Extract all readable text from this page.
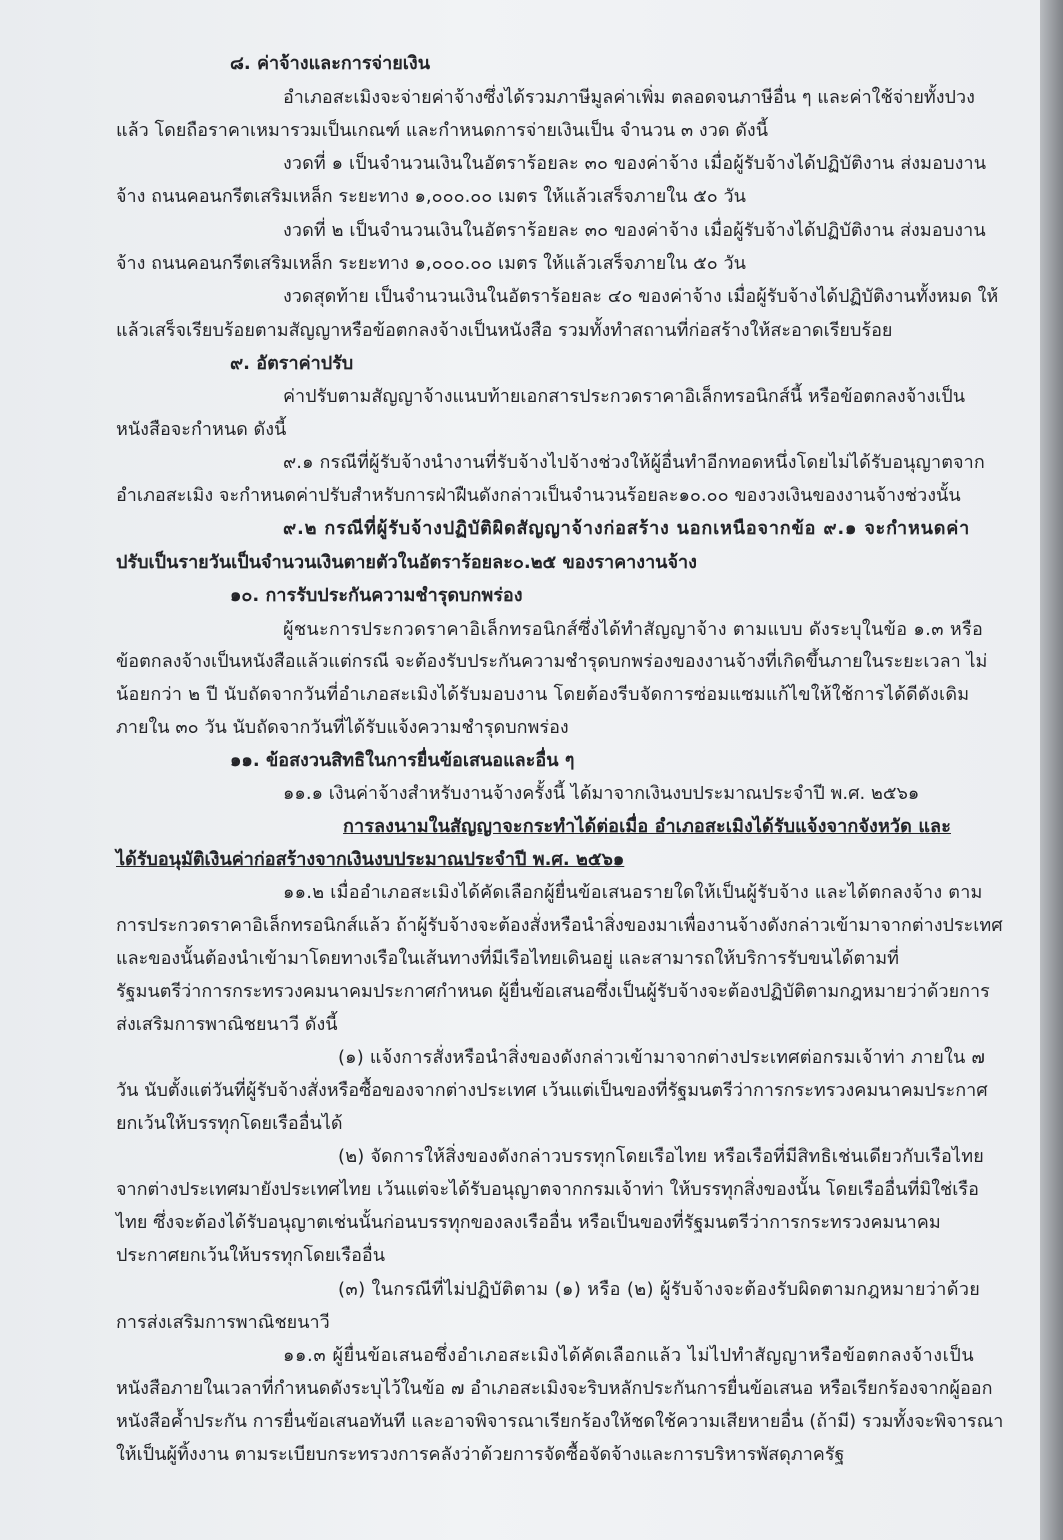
๘. ค่าจ้างและการจ่ายเงิน
อำเภอสะเมิงจะจ่ายค่าจ้างซึ่งได้รวมภาษีมูลค่าเพิ่ม ตลอดจนภาษีอื่น ๆ และค่าใช้จ่ายทั้งปวง
แล้ว โดยถือราคาเหมารวมเป็นเกณฑ์ และกำหนดการจ่ายเงินเป็น จำนวน ๓ งวด ดังนี้
งวดที่ ๑ เป็นจำนวนเงินในอัตราร้อยละ ๓๐ ของค่าจ้าง เมื่อผู้รับจ้างได้ปฏิบัติงาน ส่งมอบงาน
จ้าง ถนนคอนกรีตเสริมเหล็ก ระยะทาง ๑,๐๐๐.๐๐ เมตร ให้แล้วเสร็จภายใน ๕๐ วัน
งวดที่ ๒ เป็นจำนวนเงินในอัตราร้อยละ ๓๐ ของค่าจ้าง เมื่อผู้รับจ้างได้ปฏิบัติงาน ส่งมอบงาน
จ้าง ถนนคอนกรีตเสริมเหล็ก ระยะทาง ๑,๐๐๐.๐๐ เมตร ให้แล้วเสร็จภายใน ๕๐ วัน
งวดสุดท้าย เป็นจำนวนเงินในอัตราร้อยละ ๔๐ ของค่าจ้าง เมื่อผู้รับจ้างได้ปฏิบัติงานทั้งหมด ให้
แล้วเสร็จเรียบร้อยตามสัญญาหรือข้อตกลงจ้างเป็นหนังสือ รวมทั้งทำสถานที่ก่อสร้างให้สะอาดเรียบร้อย
๙. อัตราค่าปรับ
ค่าปรับตามสัญญาจ้างแนบท้ายเอกสารประกวดราคาอิเล็กทรอนิกส์นี้ หรือข้อตกลงจ้างเป็น
หนังสือจะกำหนด ดังนี้
๙.๑ กรณีที่ผู้รับจ้างนำงานที่รับจ้างไปจ้างช่วงให้ผู้อื่นทำอีกทอดหนึ่งโดยไม่ได้รับอนุญาตจาก
อำเภอสะเมิง จะกำหนดค่าปรับสำหรับการฝ่าฝืนดังกล่าวเป็นจำนวนร้อยละ๑๐.๐๐ ของวงเงินของงานจ้างช่วงนั้น
๙.๒ กรณีที่ผู้รับจ้างปฏิบัติผิดสัญญาจ้างก่อสร้าง นอกเหนือจากข้อ ๙.๑ จะกำหนดค่า
ปรับเป็นรายวันเป็นจำนวนเงินตายตัวในอัตราร้อยละ๐.๒๕ ของราคางานจ้าง
๑๐. การรับประกันความชำรุดบกพร่อง
ผู้ชนะการประกวดราคาอิเล็กทรอนิกส์ซึ่งได้ทำสัญญาจ้าง ตามแบบ ดังระบุในข้อ ๑.๓ หรือ
ข้อตกลงจ้างเป็นหนังสือแล้วแต่กรณี จะต้องรับประกันความชำรุดบกพร่องของงานจ้างที่เกิดขึ้นภายในระยะเวลา ไม่
น้อยกว่า ๒ ปี นับถัดจากวันที่อำเภอสะเมิงได้รับมอบงาน โดยต้องรีบจัดการซ่อมแซมแก้ไขให้ใช้การได้ดีดังเดิม
ภายใน ๓๐ วัน นับถัดจากวันที่ได้รับแจ้งความชำรุดบกพร่อง
๑๑. ข้อสงวนสิทธิในการยื่นข้อเสนอและอื่น ๆ
๑๑.๑ เงินค่าจ้างสำหรับงานจ้างครั้งนี้ ได้มาจากเงินงบประมาณประจำปี พ.ศ. ๒๕๖๑
การลงนามในสัญญาจะกระทำได้ต่อเมื่อ อำเภอสะเมิงได้รับแจ้งจากจังหวัด และ
ได้รับอนุมัติเงินค่าก่อสร้างจากเงินงบประมาณประจำปี พ.ศ. ๒๕๖๑
๑๑.๒ เมื่ออำเภอสะเมิงได้คัดเลือกผู้ยื่นข้อเสนอรายใดให้เป็นผู้รับจ้าง และได้ตกลงจ้าง ตาม
การประกวดราคาอิเล็กทรอนิกส์แล้ว ถ้าผู้รับจ้างจะต้องสั่งหรือนำสิ่งของมาเพื่องานจ้างดังกล่าวเข้ามาจากต่างประเทศ
และของนั้นต้องนำเข้ามาโดยทางเรือในเส้นทางที่มีเรือไทยเดินอยู่ และสามารถให้บริการรับขนได้ตามที่
รัฐมนตรีว่าการกระทรวงคมนาคมประกาศกำหนด ผู้ยื่นข้อเสนอซึ่งเป็นผู้รับจ้างจะต้องปฏิบัติตามกฎหมายว่าด้วยการ
ส่งเสริมการพาณิชยนาวี ดังนี้
(๑) แจ้งการสั่งหรือนำสิ่งของดังกล่าวเข้ามาจากต่างประเทศต่อกรมเจ้าท่า ภายใน ๗
วัน นับตั้งแต่วันที่ผู้รับจ้างสั่งหรือซื้อของจากต่างประเทศ เว้นแต่เป็นของที่รัฐมนตรีว่าการกระทรวงคมนาคมประกาศ
ยกเว้นให้บรรทุกโดยเรืออื่นได้
(๒) จัดการให้สิ่งของดังกล่าวบรรทุกโดยเรือไทย หรือเรือที่มีสิทธิเช่นเดียวกับเรือไทย
จากต่างประเทศมายังประเทศไทย เว้นแต่จะได้รับอนุญาตจากกรมเจ้าท่า ให้บรรทุกสิ่งของนั้น โดยเรืออื่นที่มิใช่เรือ
ไทย ซึ่งจะต้องได้รับอนุญาตเช่นนั้นก่อนบรรทุกของลงเรืออื่น หรือเป็นของที่รัฐมนตรีว่าการกระทรวงคมนาคม
ประกาศยกเว้นให้บรรทุกโดยเรืออื่น
(๓) ในกรณีที่ไม่ปฏิบัติตาม (๑) หรือ (๒) ผู้รับจ้างจะต้องรับผิดตามกฎหมายว่าด้วย
การส่งเสริมการพาณิชยนาวี
๑๑.๓ ผู้ยื่นข้อเสนอซึ่งอำเภอสะเมิงได้คัดเลือกแล้ว ไม่ไปทำสัญญาหรือข้อตกลงจ้างเป็น
หนังสือภายในเวลาที่กำหนดดังระบุไว้ในข้อ ๗ อำเภอสะเมิงจะริบหลักประกันการยื่นข้อเสนอ หรือเรียกร้องจากผู้ออก
หนังสือค้ำประกัน การยื่นข้อเสนอทันที และอาจพิจารณาเรียกร้องให้ชดใช้ความเสียหายอื่น (ถ้ามี) รวมทั้งจะพิจารณา
ให้เป็นผู้ทิ้งงาน ตามระเบียบกระทรวงการคลังว่าด้วยการจัดซื้อจัดจ้างและการบริหารพัสดุภาครัฐ
